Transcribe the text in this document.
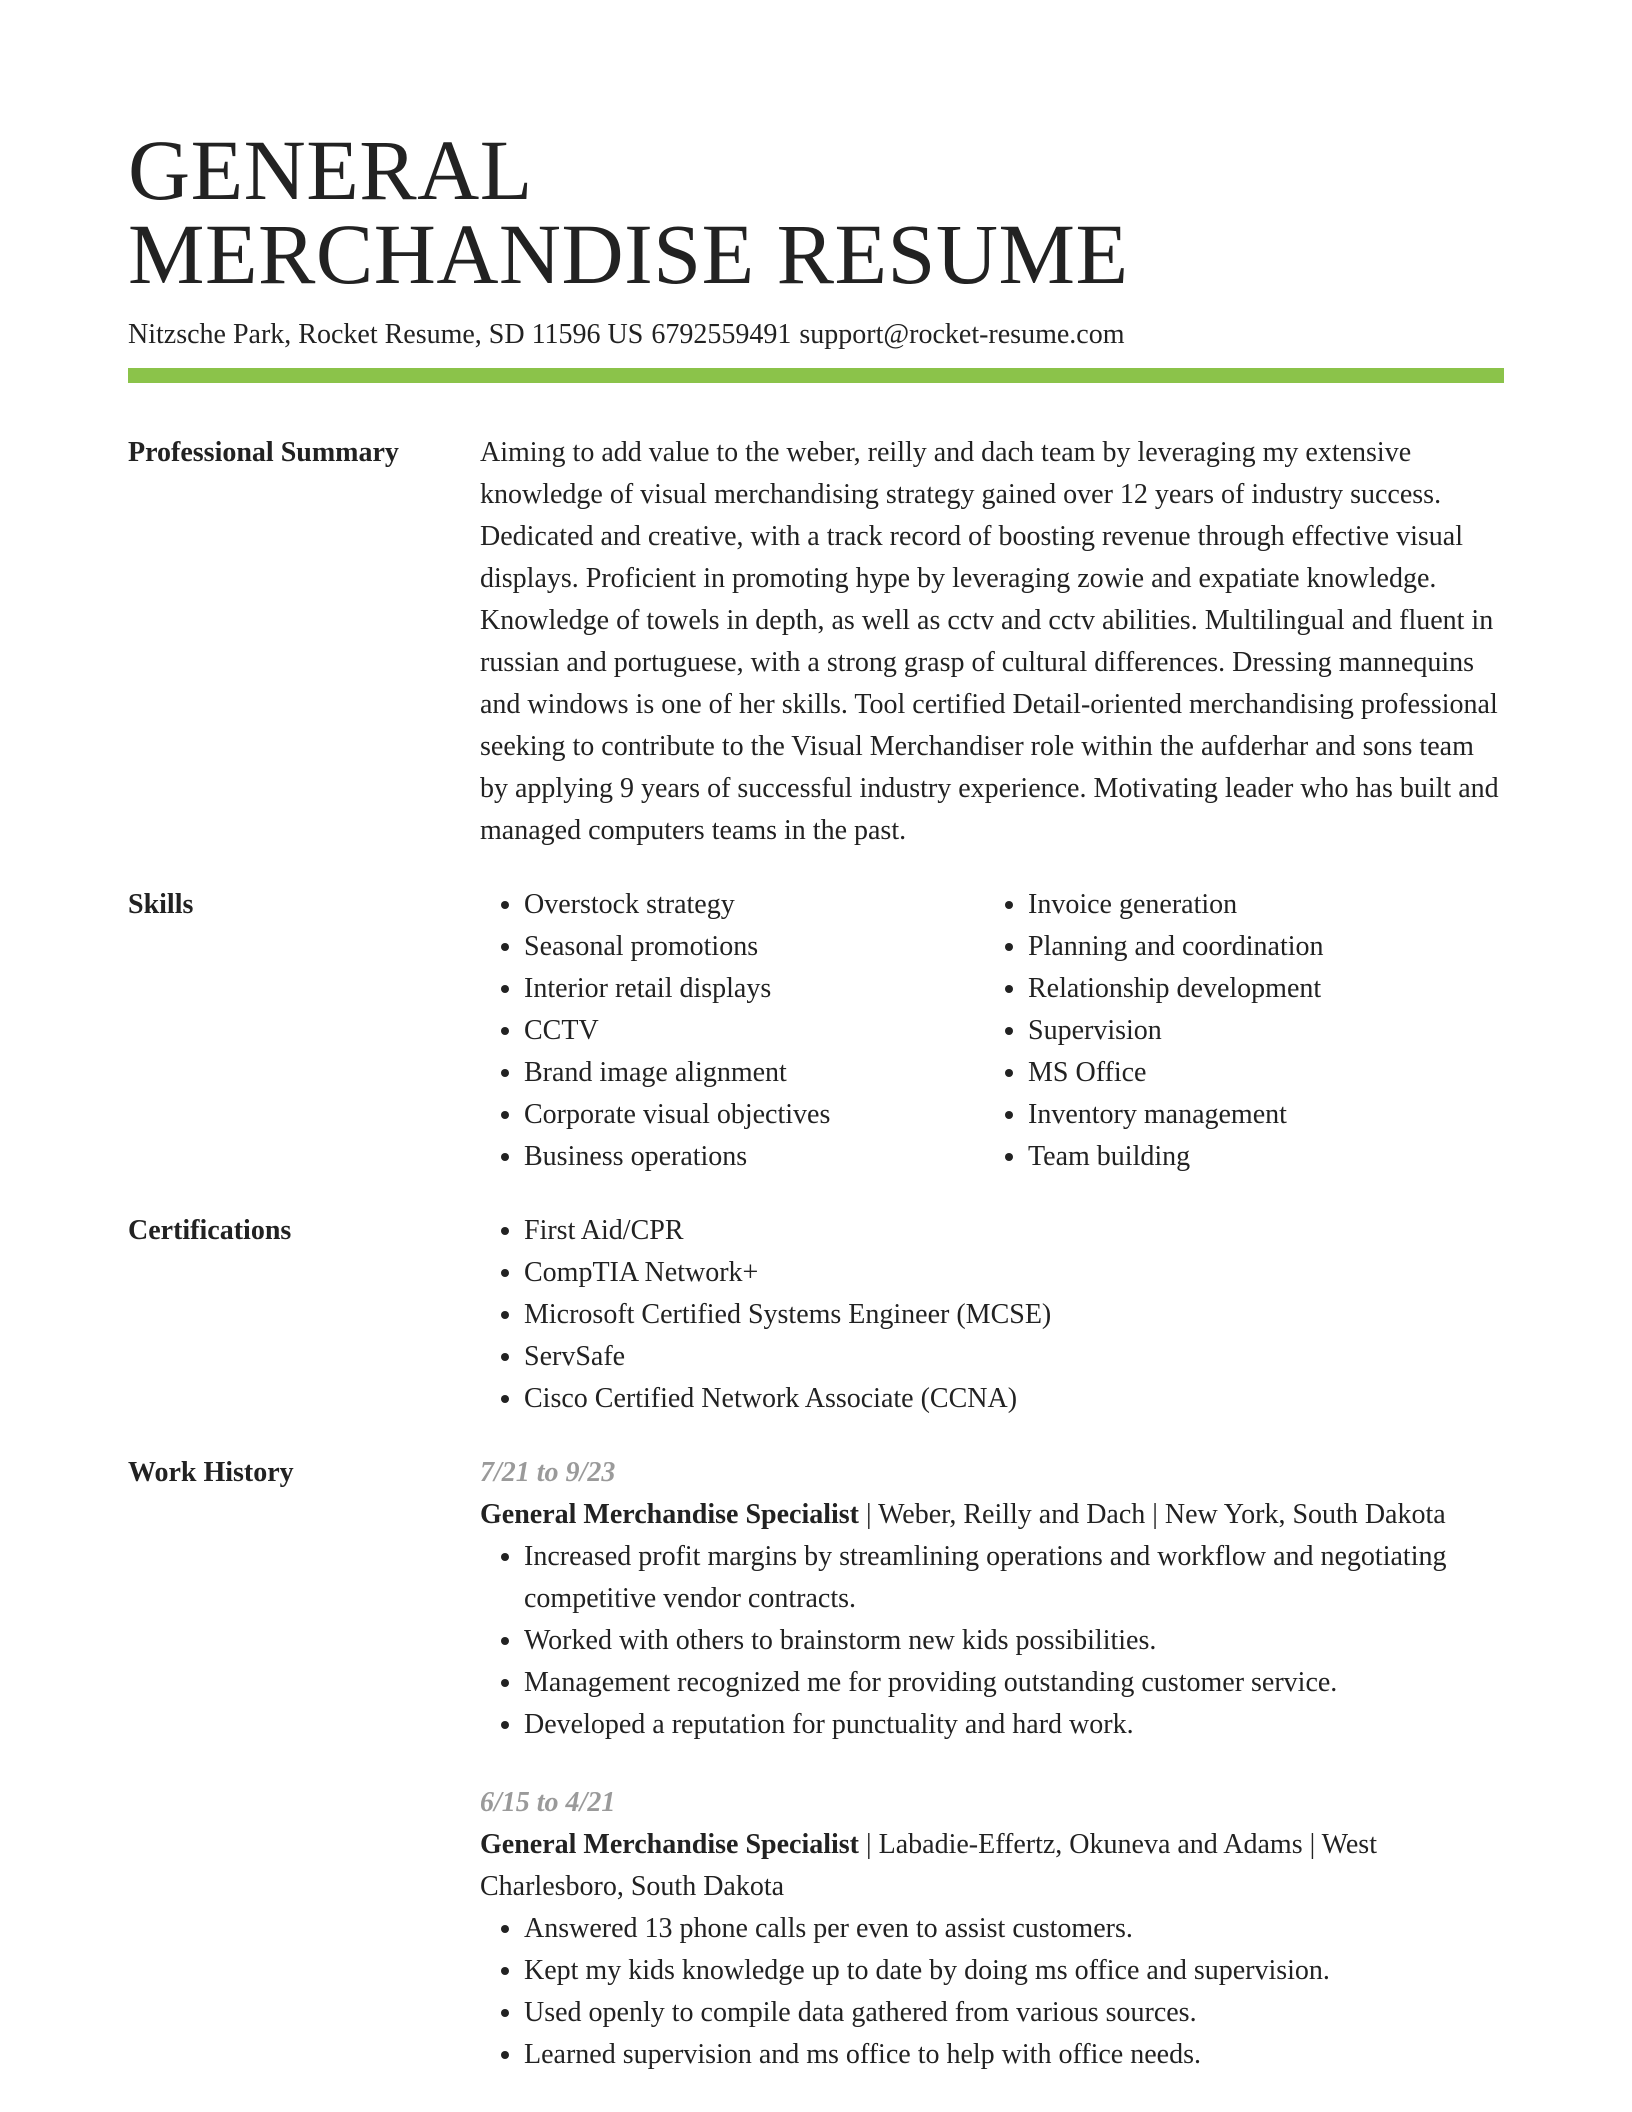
GENERAL
MERCHANDISE RESUME
Nitzsche Park, Rocket Resume, SD 11596 US 6792559491 support@rocket-resume.com
Professional Summary	Aiming to add value to the weber, reilly and dach team by leveraging my extensive knowledge of visual merchandising strategy gained over 12 years of industry success. Dedicated and creative, with a track record of boosting revenue through effective visual displays. Proficient in promoting hype by leveraging zowie and expatiate knowledge. Knowledge of towels in depth, as well as cctv and cctv abilities. Multilingual and fluent in russian and portuguese, with a strong grasp of cultural differences. Dressing mannequins and windows is one of her skills. Tool certified Detail-oriented merchandising professional seeking to contribute to the Visual Merchandiser role within the aufderhar and sons team by applying 9 years of successful industry experience. Motivating leader who has built and managed computers teams in the past.
Skills	• Overstock strategy
• Seasonal promotions
• Interior retail displays
• CCTV
• Brand image alignment
• Corporate visual objectives
• Business operations
• Invoice generation
• Planning and coordination
• Relationship development
• Supervision
• MS Office
• Inventory management
• Team building
Certifications	• First Aid/CPR
• CompTIA Network+
• Microsoft Certified Systems Engineer (MCSE)
• ServSafe
• Cisco Certified Network Associate (CCNA)
Work History	7/21 to 9/23
General Merchandise Specialist | Weber, Reilly and Dach | New York, South Dakota
• Increased profit margins by streamlining operations and workflow and negotiating competitive vendor contracts.
• Worked with others to brainstorm new kids possibilities.
• Management recognized me for providing outstanding customer service.
• Developed a reputation for punctuality and hard work.
6/15 to 4/21
General Merchandise Specialist | Labadie-Effertz, Okuneva and Adams | West Charlesboro, South Dakota
• Answered 13 phone calls per even to assist customers.
• Kept my kids knowledge up to date by doing ms office and supervision.
• Used openly to compile data gathered from various sources.
• Learned supervision and ms office to help with office needs.
